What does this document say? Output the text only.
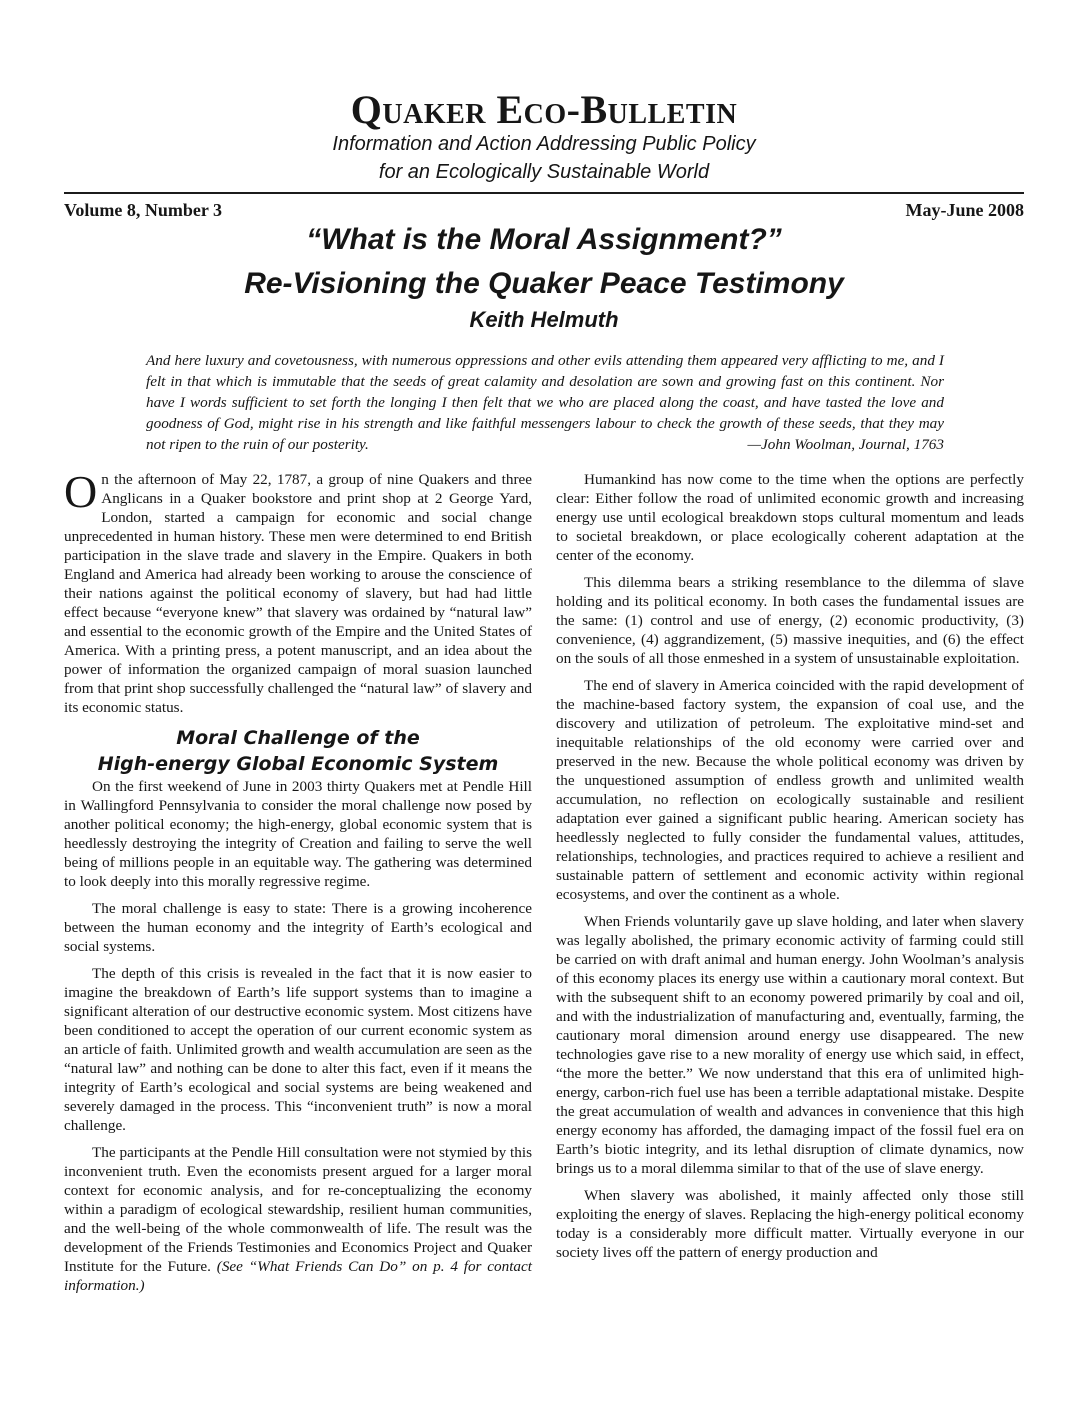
Quaker Eco-Bulletin
Information and Action Addressing Public Policy
for an Ecologically Sustainable World
Volume 8, Number 3	May-June 2008
“What is the Moral Assignment?”
Re-Visioning the Quaker Peace Testimony
Keith Helmuth

And here luxury and covetousness, with numerous oppressions and other evils attending them appeared very afflicting to me, and I felt in that which is immutable that the seeds of great calamity and desolation are sown and growing fast on this continent. Nor have I words sufficient to set forth the longing I then felt that we who are placed along the coast, and have tasted the love and goodness of God, might rise in his strength and like faithful messengers labour to check the growth of these seeds, that they may not ripen to the ruin of our posterity.	—John Woolman, Journal, 1763

On the afternoon of May 22, 1787, a group of nine Quakers and three Anglicans in a Quaker bookstore and print shop at 2 George Yard, London, started a campaign for economic and social change unprecedented in human history. These men were determined to end British participation in the slave trade and slavery in the Empire. Quakers in both England and America had already been working to arouse the conscience of their nations against the political economy of slavery, but had had little effect because “everyone knew” that slavery was ordained by “natural law” and essential to the economic growth of the Empire and the United States of America. With a printing press, a potent manuscript, and an idea about the power of information the organized campaign of moral suasion launched from that print shop successfully challenged the “natural law” of slavery and its economic status.

Moral Challenge of the
High-energy Global Economic System

On the first weekend of June in 2003 thirty Quakers met at Pendle Hill in Wallingford Pennsylvania to consider the moral challenge now posed by another political economy; the high-energy, global economic system that is heedlessly destroying the integrity of Creation and failing to serve the well being of millions people in an equitable way. The gathering was determined to look deeply into this morally regressive regime.

The moral challenge is easy to state: There is a growing incoherence between the human economy and the integrity of Earth’s ecological and social systems.

The depth of this crisis is revealed in the fact that it is now easier to imagine the breakdown of Earth’s life support systems than to imagine a significant alteration of our destructive economic system. Most citizens have been conditioned to accept the operation of our current economic system as an article of faith. Unlimited growth and wealth accumulation are seen as the “natural law” and nothing can be done to alter this fact, even if it means the integrity of Earth’s ecological and social systems are being weakened and severely damaged in the process. This “inconvenient truth” is now a moral challenge.

The participants at the Pendle Hill consultation were not stymied by this inconvenient truth. Even the economists present argued for a larger moral context for economic analysis, and for re-conceptualizing the economy within a paradigm of ecological stewardship, resilient human communities, and the well-being of the whole commonwealth of life. The result was the development of the Friends Testimonies and Economics Project and Quaker Institute for the Future. (See “What Friends Can Do” on p. 4 for contact information.)

Humankind has now come to the time when the options are perfectly clear: Either follow the road of unlimited economic growth and increasing energy use until ecological breakdown stops cultural momentum and leads to societal breakdown, or place ecologically coherent adaptation at the center of the economy.

This dilemma bears a striking resemblance to the dilemma of slave holding and its political economy. In both cases the fundamental issues are the same: (1) control and use of energy, (2) economic productivity, (3) convenience, (4) aggrandizement, (5) massive inequities, and (6) the effect on the souls of all those enmeshed in a system of unsustainable exploitation.

The end of slavery in America coincided with the rapid development of the machine-based factory system, the expansion of coal use, and the discovery and utilization of petroleum. The exploitative mind-set and inequitable relationships of the old economy were carried over and preserved in the new. Because the whole political economy was driven by the unquestioned assumption of endless growth and unlimited wealth accumulation, no reflection on ecologically sustainable and resilient adaptation ever gained a significant public hearing. American society has heedlessly neglected to fully consider the fundamental values, attitudes, relationships, technologies, and practices required to achieve a resilient and sustainable pattern of settlement and economic activity within regional ecosystems, and over the continent as a whole.

When Friends voluntarily gave up slave holding, and later when slavery was legally abolished, the primary economic activity of farming could still be carried on with draft animal and human energy. John Woolman’s analysis of this economy places its energy use within a cautionary moral context. But with the subsequent shift to an economy powered primarily by coal and oil, and with the industrialization of manufacturing and, eventually, farming, the cautionary moral dimension around energy use disappeared. The new technologies gave rise to a new morality of energy use which said, in effect, “the more the better.” We now understand that this era of unlimited high-energy, carbon-rich fuel use has been a terrible adaptational mistake. Despite the great accumulation of wealth and advances in convenience that this high energy economy has afforded, the damaging impact of the fossil fuel era on Earth’s biotic integrity, and its lethal disruption of climate dynamics, now brings us to a moral dilemma similar to that of the use of slave energy.

When slavery was abolished, it mainly affected only those still exploiting the energy of slaves. Replacing the high-energy political economy today is a considerably more difficult matter. Virtually everyone in our society lives off the pattern of energy production and
